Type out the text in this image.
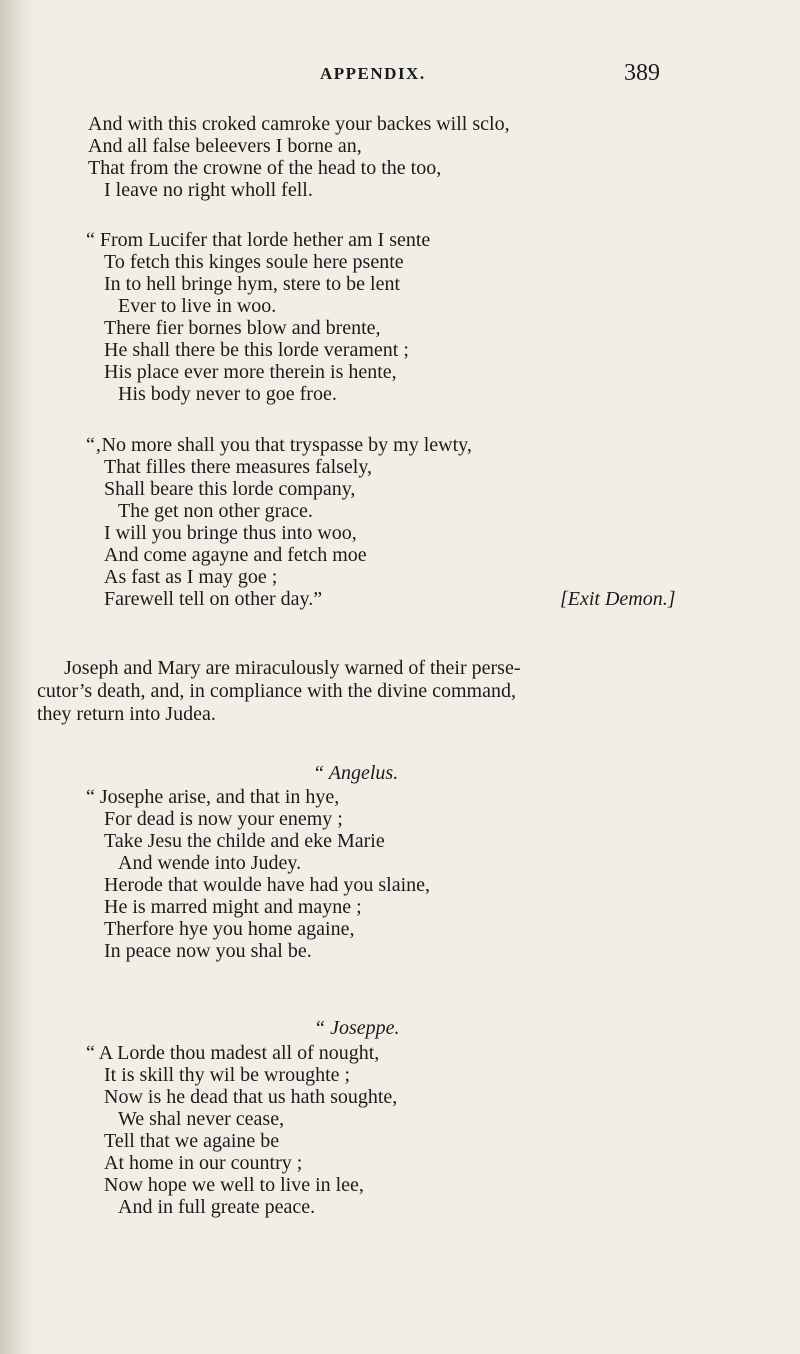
APPENDIX.	389
And with this croked camroke your backes will sclo,
And all false beleevers I borne an,
That from the crowne of the head to the too,
I leave no right wholl fell.
“ From Lucifer that lorde hether am I sente
To fetch this kinges soule here psente
In to hell bringe hym, stere to be lent
Ever to live in woo.
There fier bornes blow and brente,
He shall there be this lorde verament ;
His place ever more therein is hente,
His body never to goe froe.
“‚No more shall you that tryspasse by my lewty,
That filles there measures falsely,
Shall beare this lorde company,
The get non other grace.
I will you bringe thus into woo,
And come agayne and fetch moe
As fast as I may goe ;
Farewell tell on other day.”	[Exit Demon.]
Joseph and Mary are miraculously warned of their perse-
cutor’s death, and, in compliance with the divine command,
they return into Judea.
“ Angelus.
“ Josephe arise, and that in hye,
For dead is now your enemy ;
Take Jesu the childe and eke Marie
And wende into Judey.
Herode that woulde have had you slaine,
He is marred might and mayne ;
Therfore hye you home againe,
In peace now you shal be.
“ Joseppe.
“ A Lorde thou madest all of nought,
It is skill thy wil be wroughte ;
Now is he dead that us hath soughte,
We shal never cease,
Tell that we againe be
At home in our country ;
Now hope we well to live in lee,
And in full greate peace.
